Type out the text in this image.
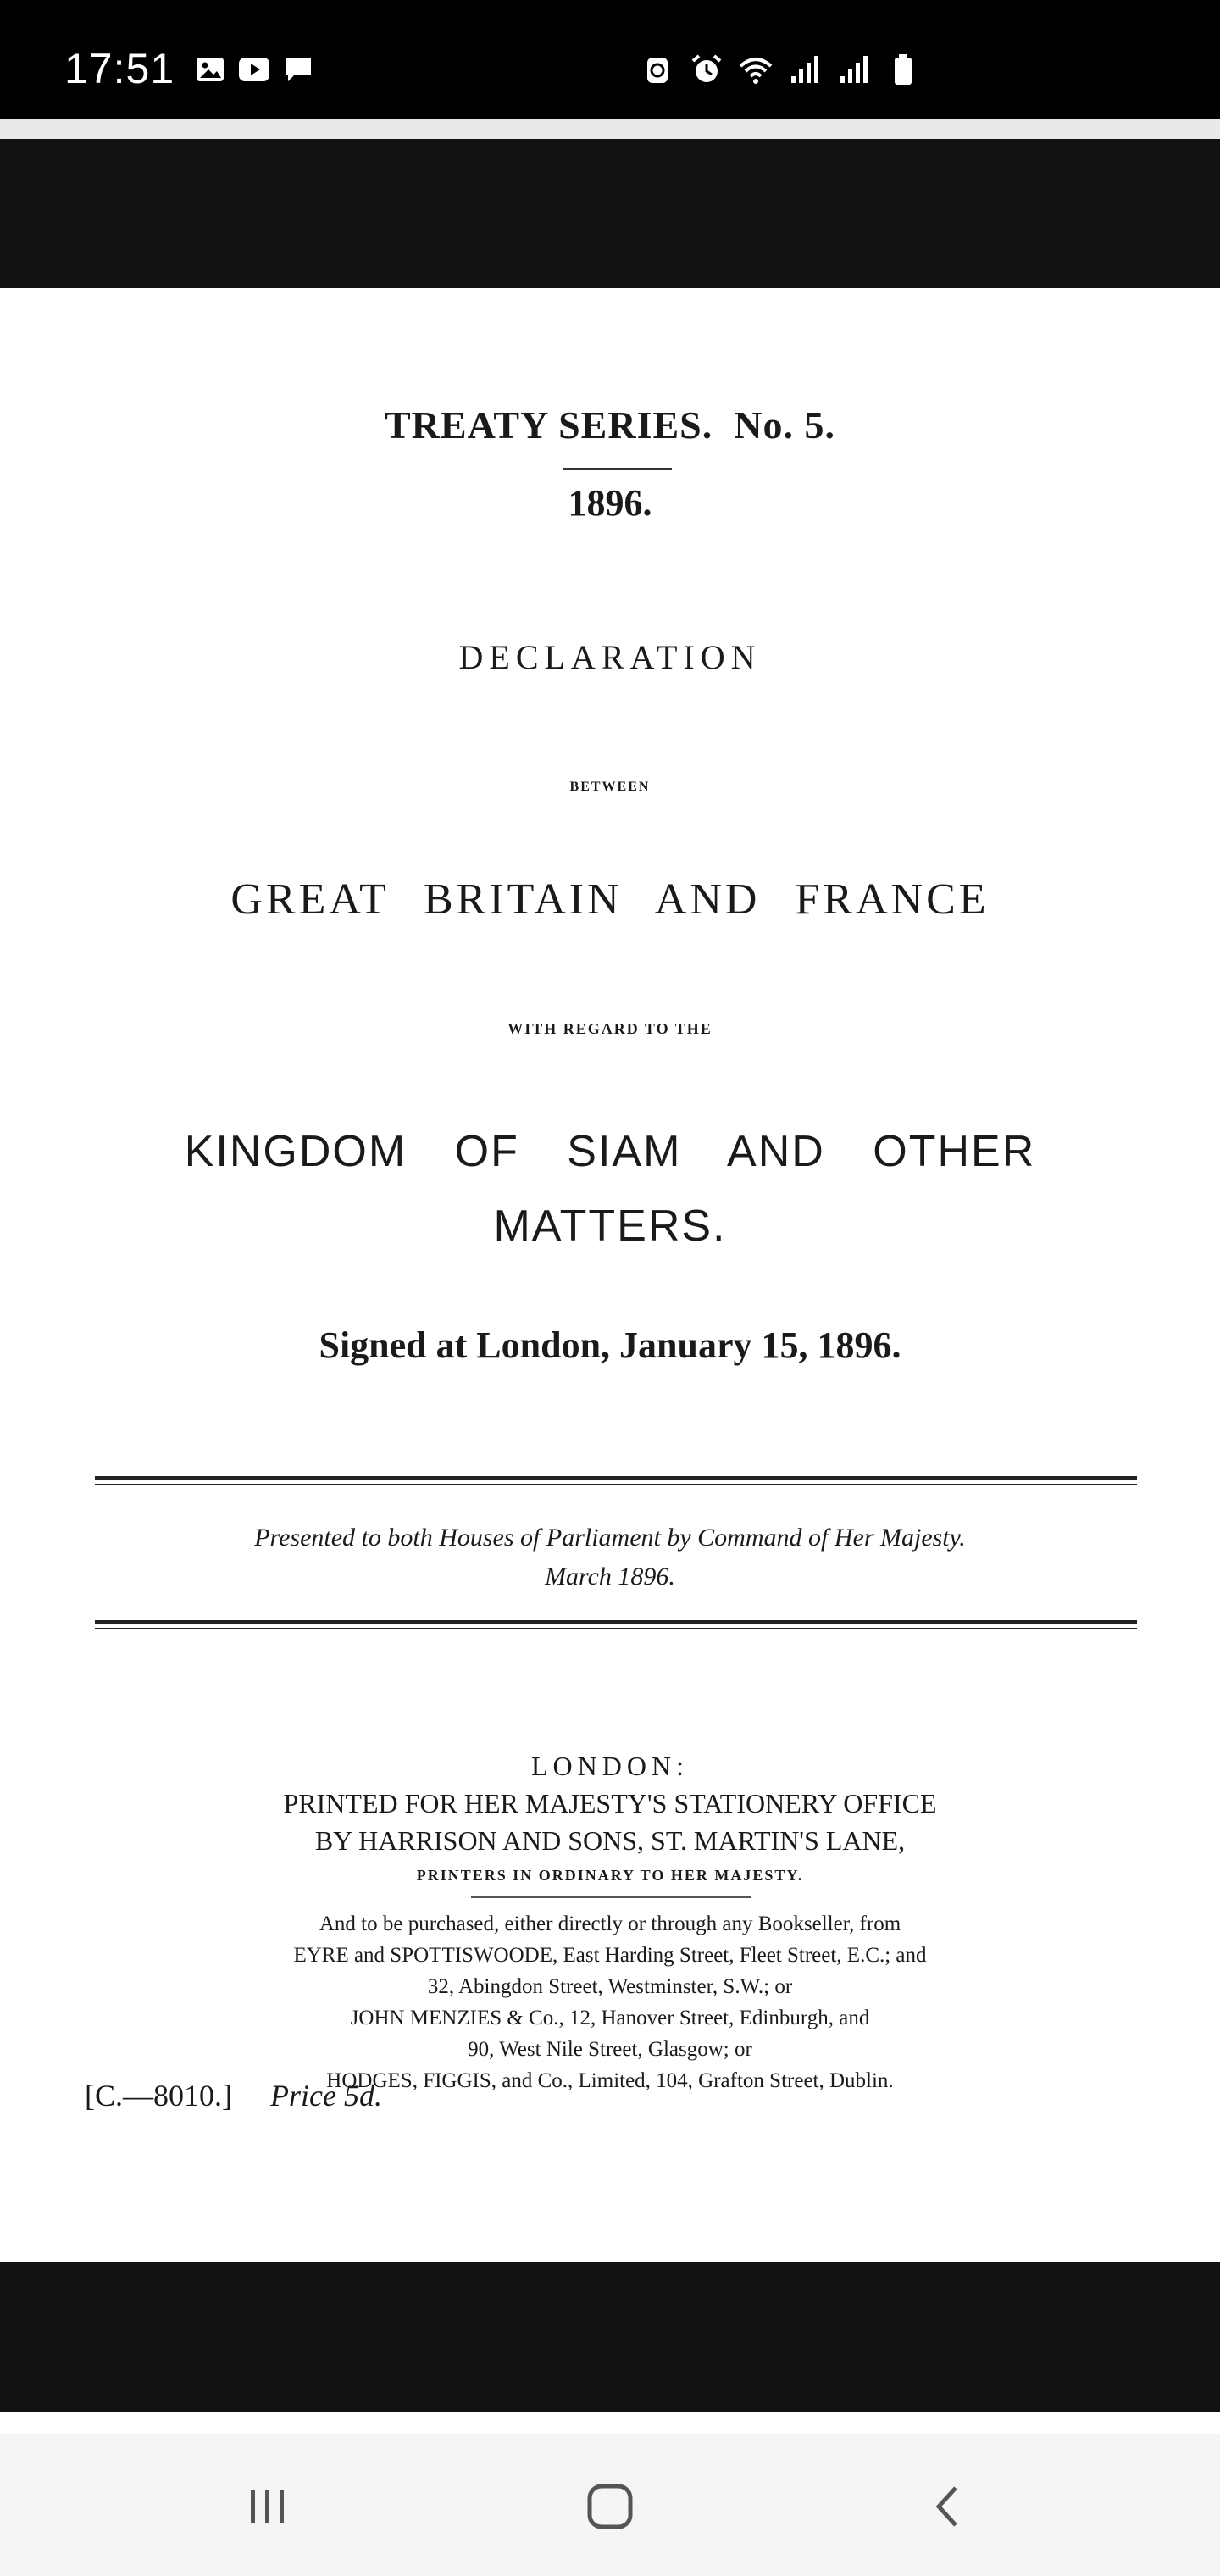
17:51
TREATY SERIES. No. 5.
1896.
DECLARATION
BETWEEN
GREAT BRITAIN AND FRANCE
WITH REGARD TO THE
KINGDOM OF SIAM AND OTHER
MATTERS.
Signed at London, January 15, 1896.
Presented to both Houses of Parliament by Command of Her Majesty.
March 1896.
LONDON:
PRINTED FOR HER MAJESTY'S STATIONERY OFFICE
BY HARRISON AND SONS, ST. MARTIN'S LANE,
PRINTERS IN ORDINARY TO HER MAJESTY.
And to be purchased, either directly or through any Bookseller, from
EYRE and SPOTTISWOODE, East Harding Street, Fleet Street, E.C.; and
32, Abingdon Street, Westminster, S.W.; or
JOHN MENZIES & Co., 12, Hanover Street, Edinburgh, and
90, West Nile Street, Glasgow; or
HODGES, FIGGIS, and Co., Limited, 104, Grafton Street, Dublin.
[C.—8010.] Price 5d.
